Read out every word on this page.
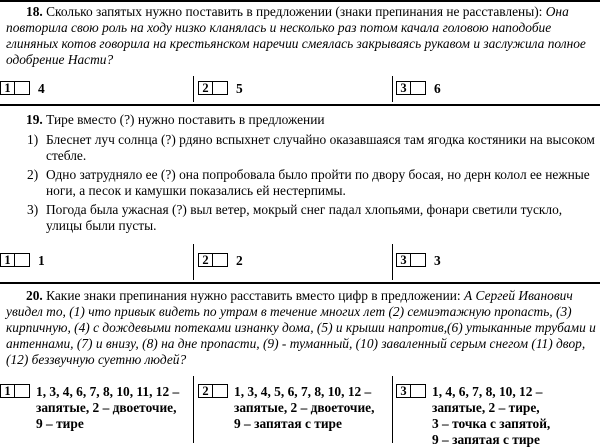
18. Сколько запятых нужно поставить в предложении (знаки препинания не расставлены): Она повторила свою роль на ходу низко кланялась и несколько раз потом качала головою наподобие глиняных котов говорила на крестьянском наречии смеялась закрываясь рукавом и заслужила полное одобрение Насти?

1	4	2	5	3	6

19. Тире вместо (?) нужно поставить в предложении

1) Блеснет луч солнца (?) рдяно вспыхнет случайно оказавшаяся там ягодка костяники на высоком стебле.
2) Одно затрудняло ее (?) она попробовала было пройти по двору босая, но дерн колол ее нежные ноги, а песок и камушки показались ей нестерпимы.
3) Погода была ужасная (?) выл ветер, мокрый снег падал хлопьями, фонари светили тускло, улицы были пусты.
1	1	2	2	3	3

20. Какие знаки препинания нужно расставить вместо цифр в предложении: А Сергей Иванович увидел то, (1) что привык видеть по утрам в течение многих лет (2) семиэтажную пропасть, (3) кирпичную, (4) с дождевыми потеками изнанку дома, (5) и крыши напротив,(6) утыканные трубами и антеннами, (7) и внизу, (8) на дне пропасти, (9) - туманный, (10) заваленный серым снегом (11) двор, (12) беззвучную суетню людей?

1	1, 3, 4, 6, 7, 8, 10, 11, 12 –
запятые, 2 – двоеточие,
9 – тире
2	1, 3, 4, 5, 6, 7, 8, 10, 12 –
запятые, 2 – двоеточие,
9 – запятая с тире
3	1, 4, 6, 7, 8, 10, 12 –
запятые, 2 – тире,
3 – точка с запятой,
9 – запятая с тире
